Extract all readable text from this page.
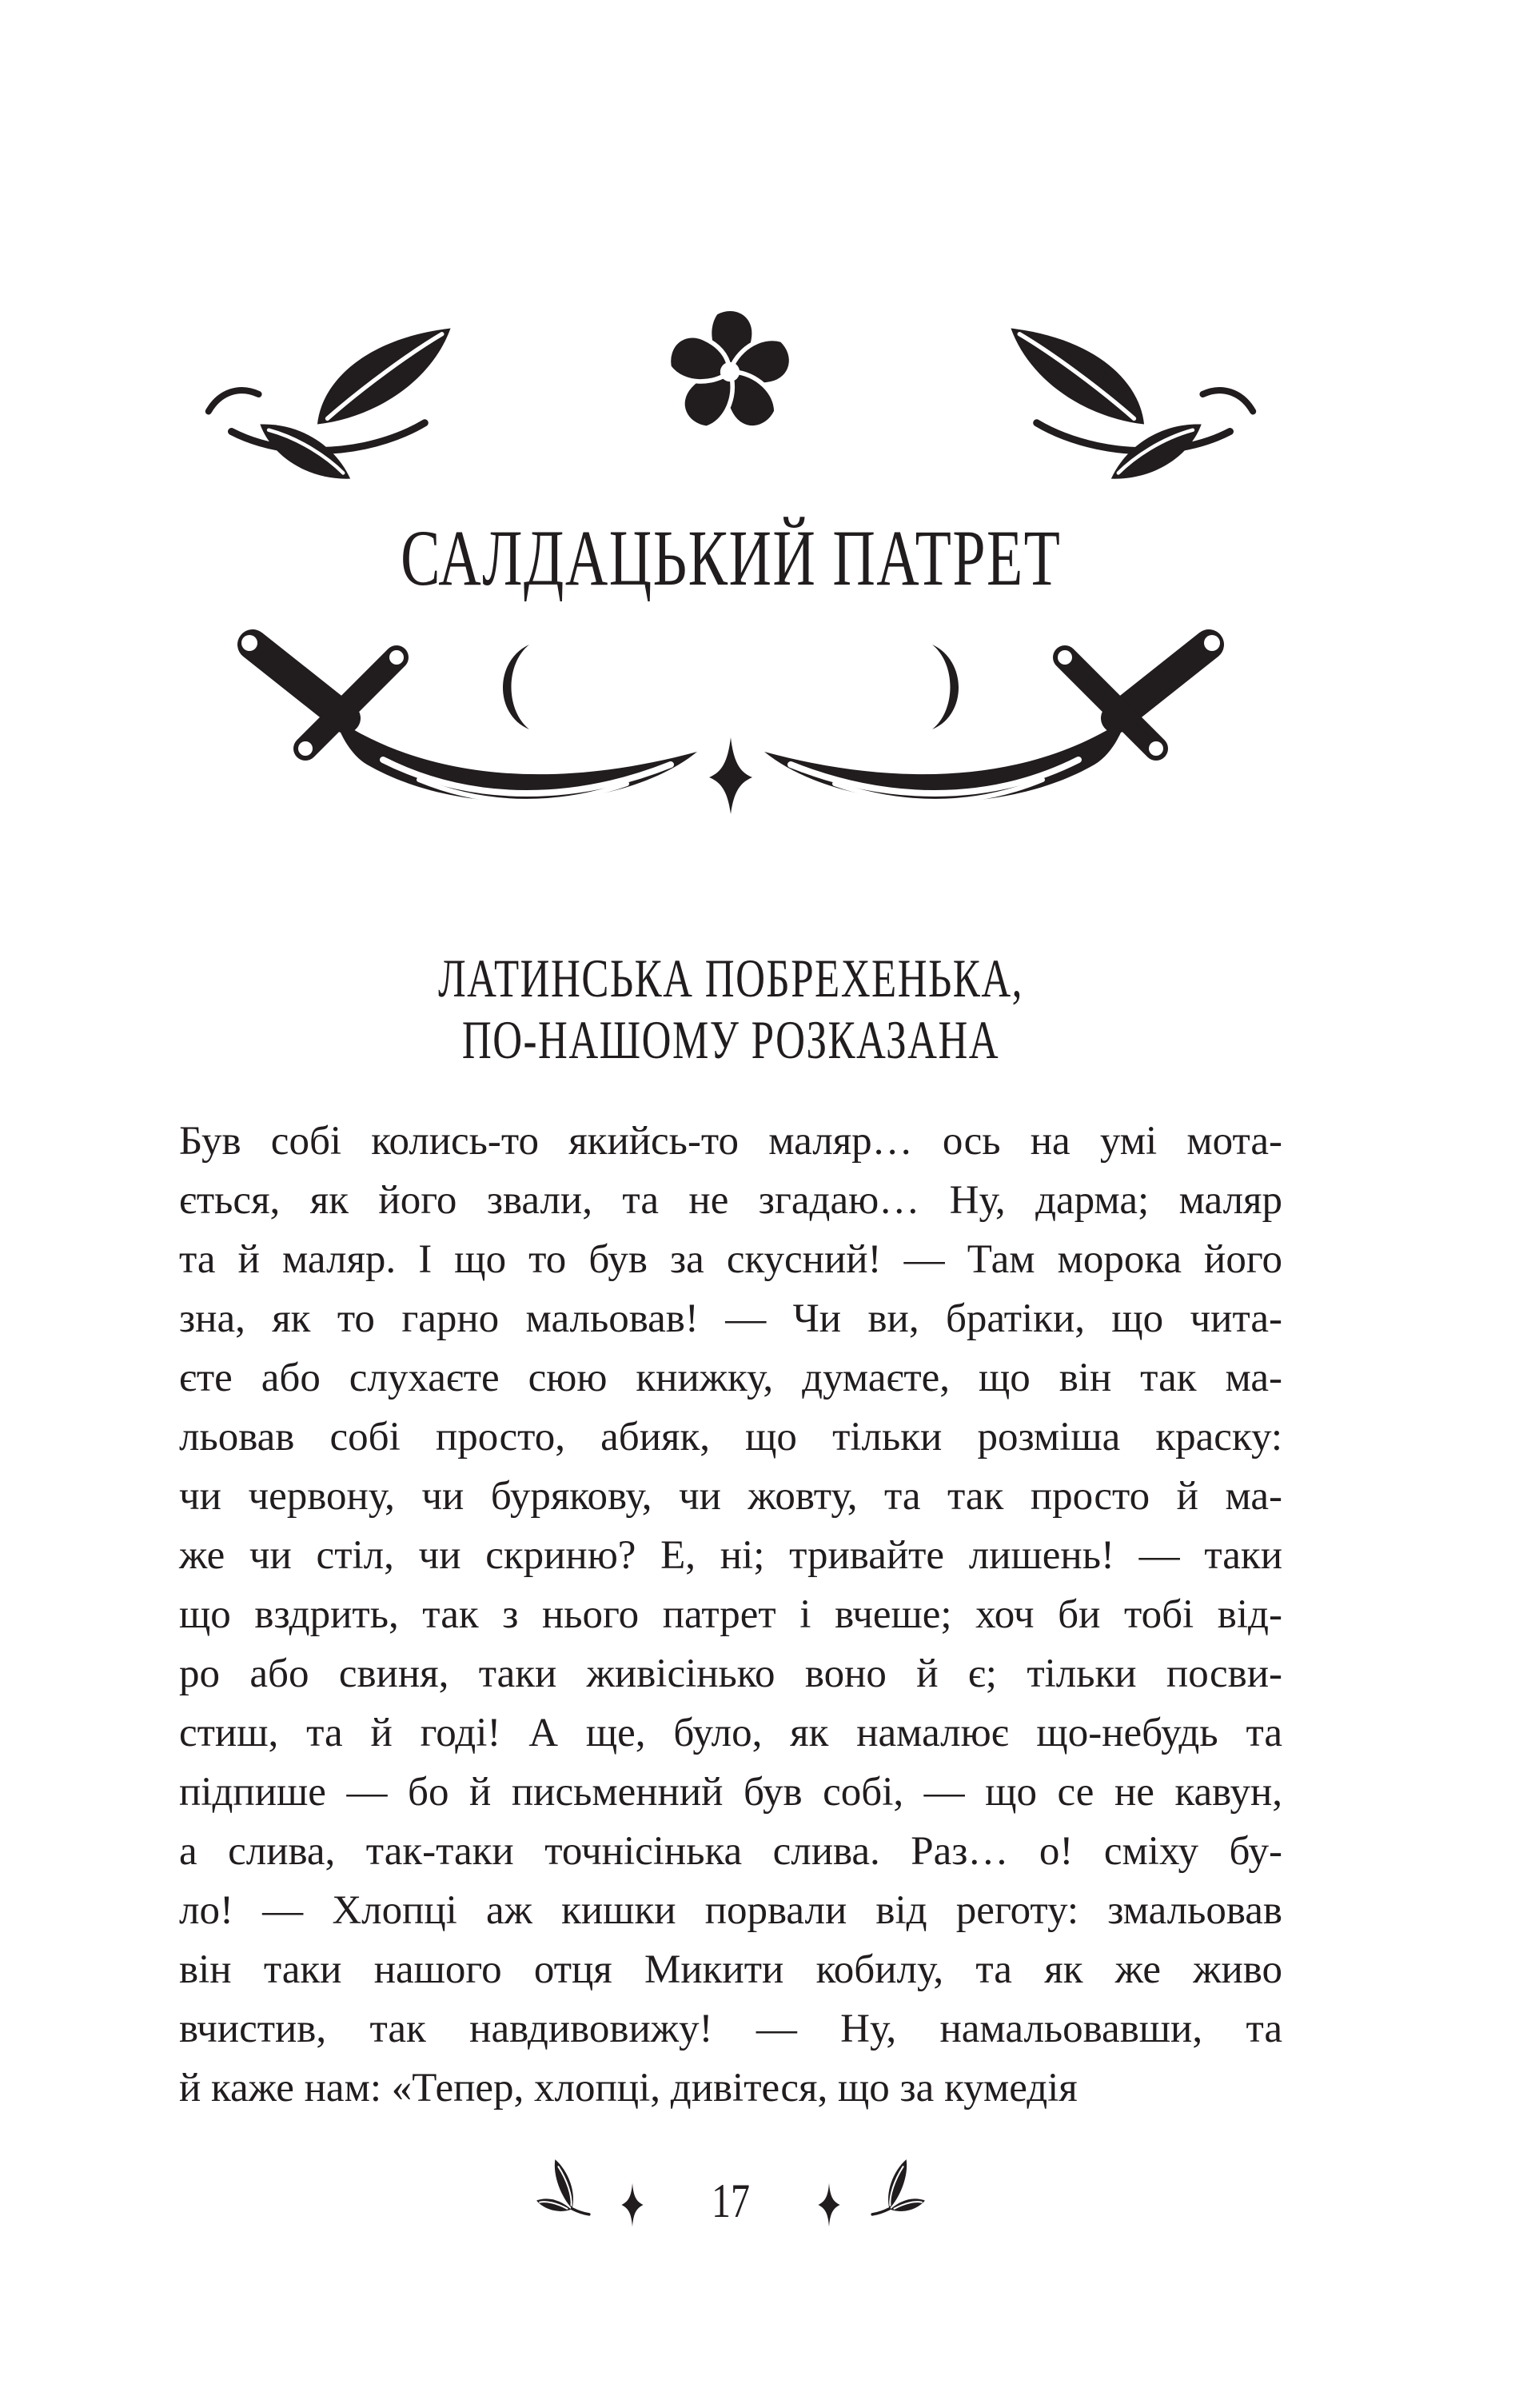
САЛДАЦЬКИЙ ПАТРЕТ
ЛАТИНСЬКА ПОБРЕХЕНЬКА,
ПО-НАШОМУ РОЗКАЗАНА
Був собі колись-то якийсь-то маляр… ось на умі мота-
ється, як його звали, та не згадаю… Ну, дарма; маляр
та й маляр. І що то був за скусний! — Там морока його
зна, як то гарно мальовав! — Чи ви, братіки, що чита-
єте або слухаєте сюю книжку, думаєте, що він так ма-
льовав собі просто, абияк, що тільки розміша краску:
чи червону, чи бурякову, чи жовту, та так просто й ма-
же чи стіл, чи скриню? Е, ні; тривайте лишень! — таки
що вздрить, так з нього патрет і вчеше; хоч би тобі від-
ро або свиня, таки живісінько воно й є; тільки посви-
стиш, та й годі! А ще, було, як намалює що-небудь та
підпише — бо й письменний був собі, — що се не кавун,
а слива, так-таки точнісінька слива. Раз… о! сміху бу-
ло! — Хлопці аж кишки порвали від реготу: змальовав
він таки нашого отця Микити кобилу, та як же живо
вчистив, так навдивовижу! — Ну, намальовавши, та
й каже нам: «Тепер, хлопці, дивітеся, що за кумедія
17
